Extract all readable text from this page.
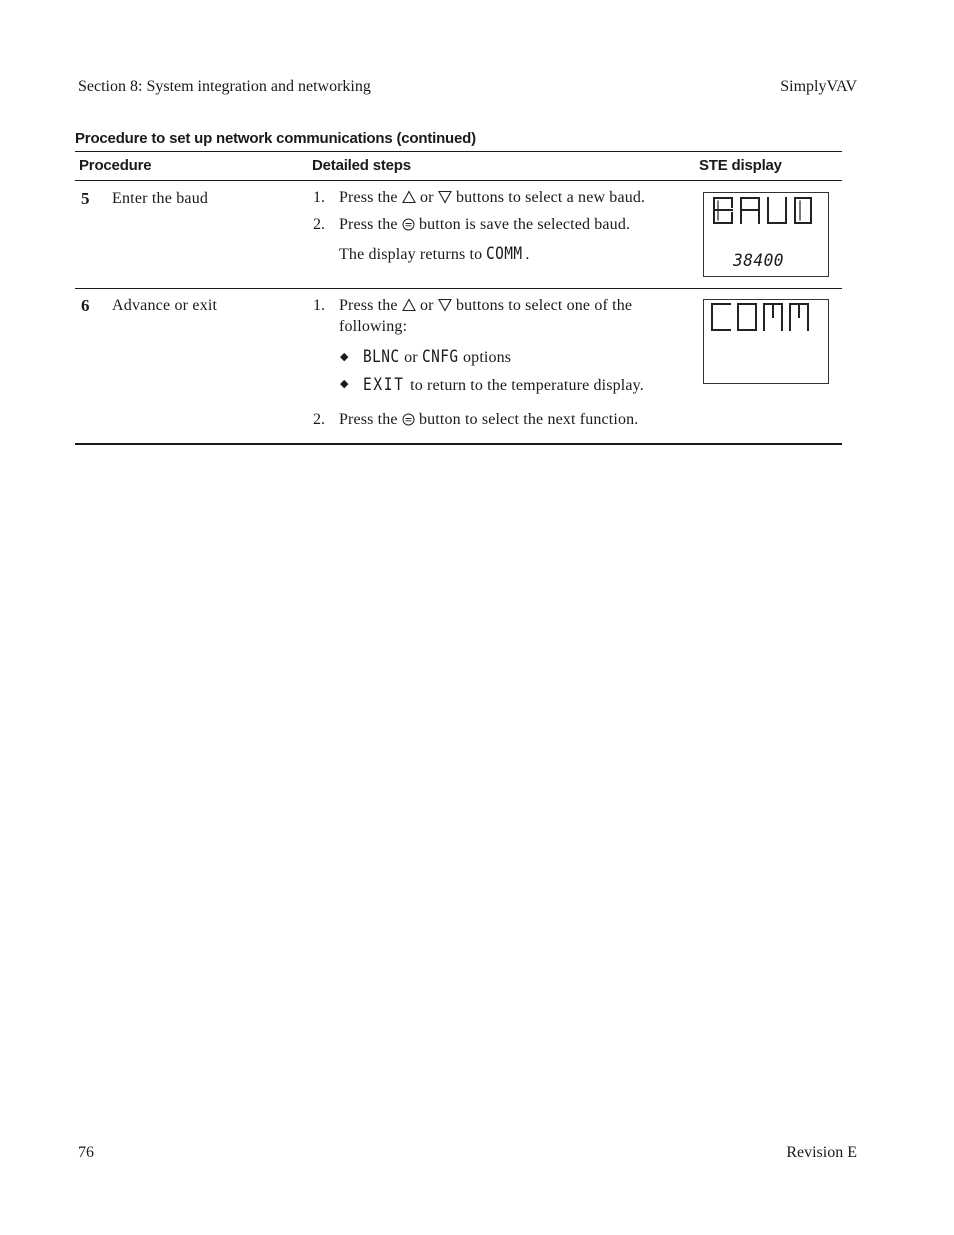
Section 8: System integration and networking	SimplyVAV
Procedure to set up network communications (continued)
Procedure	Detailed steps	STE display
5 Enter the baud	1. Press the or buttons to select a new baud.
2. Press the button is save the selected baud.
The display returns to COMM .	38400
6 Advance or exit	1. Press the or buttons to select one of the
following:
◆ BLNC or CNFG options
◆ EXIT to return to the temperature display.
2. Press the button to select the next function.
76	Revision E
